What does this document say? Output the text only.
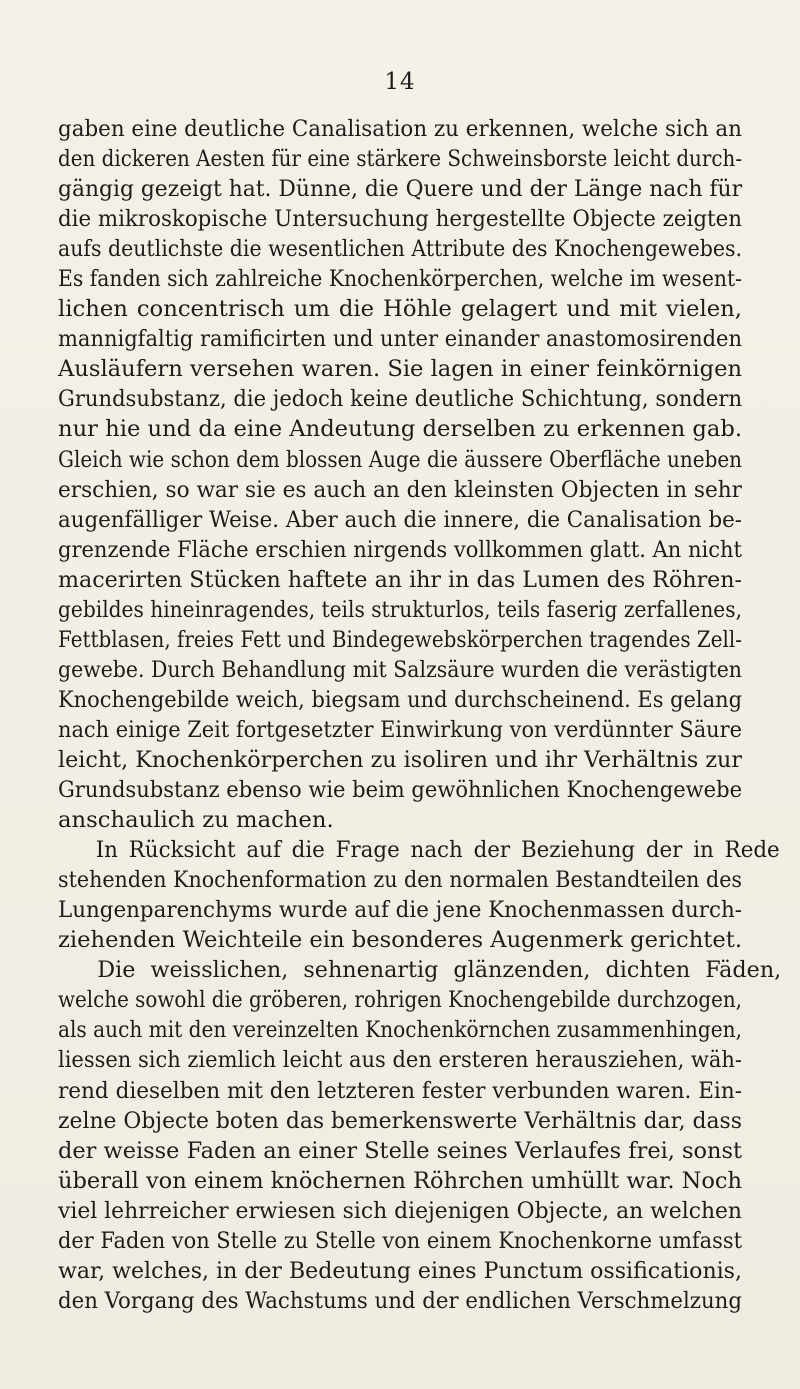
14
gaben eine deutliche Canalisation zu erkennen, welche sich an
den dickeren Aesten für eine stärkere Schweinsborste leicht durch-
gängig gezeigt hat. Dünne, die Quere und der Länge nach für
die mikroskopische Untersuchung hergestellte Objecte zeigten
aufs deutlichste die wesentlichen Attribute des Knochengewebes.
Es fanden sich zahlreiche Knochenkörperchen, welche im wesent-
lichen concentrisch um die Höhle gelagert und mit vielen,
mannigfaltig ramificirten und unter einander anastomosirenden
Ausläufern versehen waren. Sie lagen in einer feinkörnigen
Grundsubstanz, die jedoch keine deutliche Schichtung, sondern
nur hie und da eine Andeutung derselben zu erkennen gab.
Gleich wie schon dem blossen Auge die äussere Oberfläche uneben
erschien, so war sie es auch an den kleinsten Objecten in sehr
augenfälliger Weise. Aber auch die innere, die Canalisation be-
grenzende Fläche erschien nirgends vollkommen glatt. An nicht
macerirten Stücken haftete an ihr in das Lumen des Röhren-
gebildes hineinragendes, teils strukturlos, teils faserig zerfallenes,
Fettblasen, freies Fett und Bindegewebskörperchen tragendes Zell-
gewebe. Durch Behandlung mit Salzsäure wurden die verästigten
Knochengebilde weich, biegsam und durchscheinend. Es gelang
nach einige Zeit fortgesetzter Einwirkung von verdünnter Säure
leicht, Knochenkörperchen zu isoliren und ihr Verhältnis zur
Grundsubstanz ebenso wie beim gewöhnlichen Knochengewebe
anschaulich zu machen.
In Rücksicht auf die Frage nach der Beziehung der in Rede
stehenden Knochenformation zu den normalen Bestandteilen des
Lungenparenchyms wurde auf die jene Knochenmassen durch-
ziehenden Weichteile ein besonderes Augenmerk gerichtet.
Die weisslichen, sehnenartig glänzenden, dichten Fäden,
welche sowohl die gröberen, rohrigen Knochengebilde durchzogen,
als auch mit den vereinzelten Knochenkörnchen zusammenhingen,
liessen sich ziemlich leicht aus den ersteren herausziehen, wäh-
rend dieselben mit den letzteren fester verbunden waren. Ein-
zelne Objecte boten das bemerkenswerte Verhältnis dar, dass
der weisse Faden an einer Stelle seines Verlaufes frei, sonst
überall von einem knöchernen Röhrchen umhüllt war. Noch
viel lehrreicher erwiesen sich diejenigen Objecte, an welchen
der Faden von Stelle zu Stelle von einem Knochenkorne umfasst
war, welches, in der Bedeutung eines Punctum ossificationis,
den Vorgang des Wachstums und der endlichen Verschmelzung
